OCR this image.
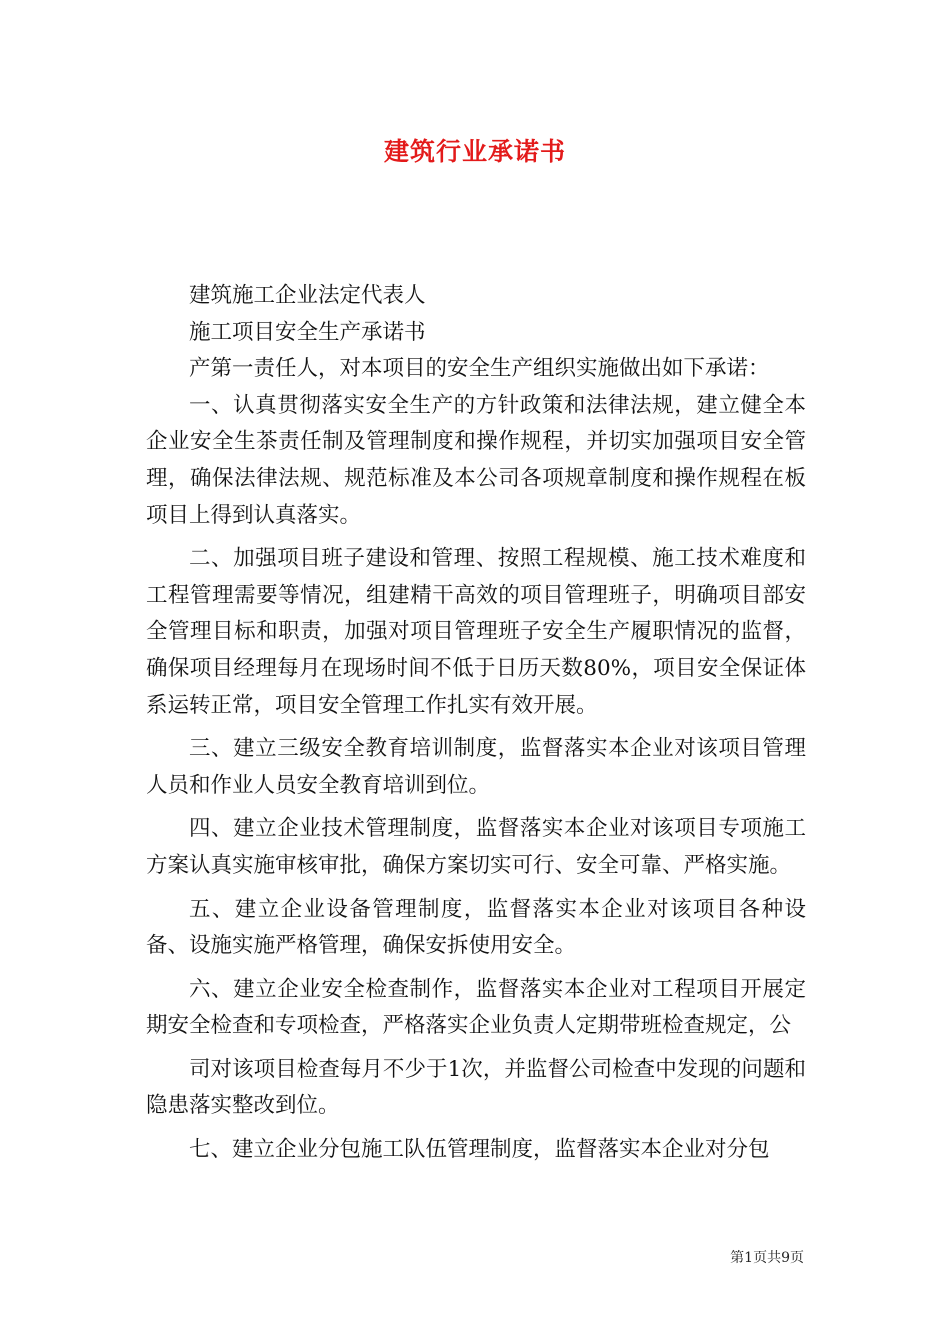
建筑行业承诺书

建筑施工企业法定代表人

施工项目安全生产承诺书

产第一责任人，对本项目的安全生产组织实施做出如下承诺：

一、认真贯彻落实安全生产的方针政策和法律法规，建立健全本企业安全生茶责任制及管理制度和操作规程，并切实加强项目安全管理，确保法律法规、规范标准及本公司各项规章制度和操作规程在板项目上得到认真落实。

二、加强项目班子建设和管理、按照工程规模、施工技术难度和工程管理需要等情况，组建精干高效的项目管理班子，明确项目部安全管理目标和职责，加强对项目管理班子安全生产履职情况的监督，确保项目经理每月在现场时间不低于日历天数80%，项目安全保证体系运转正常，项目安全管理工作扎实有效开展。

三、建立三级安全教育培训制度，监督落实本企业对该项目管理人员和作业人员安全教育培训到位。

四、建立企业技术管理制度，监督落实本企业对该项目专项施工方案认真实施审核审批，确保方案切实可行、安全可靠、严格实施。

五、建立企业设备管理制度，监督落实本企业对该项目各种设备、设施实施严格管理，确保安拆使用安全。

六、建立企业安全检查制作，监督落实本企业对工程项目开展定期安全检查和专项检查，严格落实企业负责人定期带班检查规定，公

司对该项目检查每月不少于1次，并监督公司检查中发现的问题和隐患落实整改到位。

七、建立企业分包施工队伍管理制度，监督落实本企业对分包

第1页共9页
